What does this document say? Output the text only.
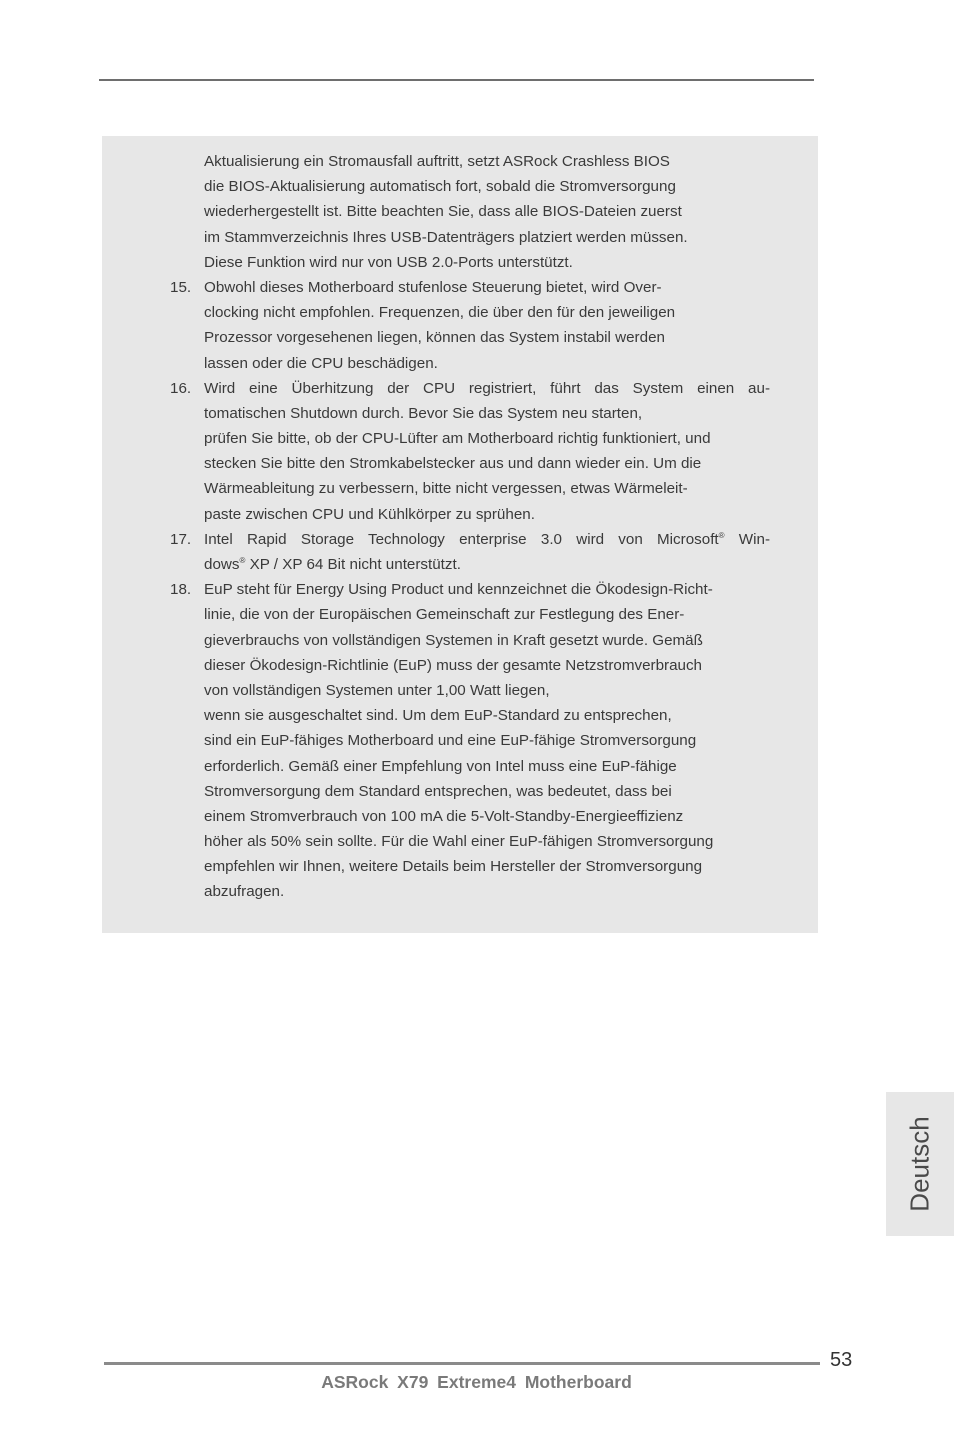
Aktualisierung ein Stromausfall auftritt, setzt ASRock Crashless BIOS
die BIOS-Aktualisierung automatisch fort, sobald die Stromversorgung
wiederhergestellt ist. Bitte beachten Sie, dass alle BIOS-Dateien zuerst
im Stammverzeichnis Ihres USB-Datenträgers platziert werden müssen.
Diese Funktion wird nur von USB 2.0-Ports unterstützt.
15. Obwohl dieses Motherboard stufenlose Steuerung bietet, wird Over-
clocking nicht empfohlen. Frequenzen, die über den für den jeweiligen
Prozessor vorgesehenen liegen, können das System instabil werden
lassen oder die CPU beschädigen.
16. Wird eine Überhitzung der CPU registriert, führt das System einen au-
tomatischen Shutdown durch. Bevor Sie das System neu starten,
prüfen Sie bitte, ob der CPU-Lüfter am Motherboard richtig funktioniert, und
stecken Sie bitte den Stromkabelstecker aus und dann wieder ein. Um die
Wärmeableitung zu verbessern, bitte nicht vergessen, etwas Wärmeleit-
paste zwischen CPU und Kühlkörper zu sprühen.
17. Intel Rapid Storage Technology enterprise 3.0 wird von Microsoft® Win-
dows® XP / XP 64 Bit nicht unterstützt.
18. EuP steht für Energy Using Product und kennzeichnet die Ökodesign-Richt-
linie, die von der Europäischen Gemeinschaft zur Festlegung des Ener-
gieverbrauchs von vollständigen Systemen in Kraft gesetzt wurde. Gemäß
dieser Ökodesign-Richtlinie (EuP) muss der gesamte Netzstromverbrauch
von vollständigen Systemen unter 1,00 Watt liegen,
wenn sie ausgeschaltet sind. Um dem EuP-Standard zu entsprechen,
sind ein EuP-fähiges Motherboard und eine EuP-fähige Stromversorgung
erforderlich. Gemäß einer Empfehlung von Intel muss eine EuP-fähige
Stromversorgung dem Standard entsprechen, was bedeutet, dass bei
einem Stromverbrauch von 100 mA die 5-Volt-Standby-Energieeffizienz
höher als 50% sein sollte. Für die Wahl einer EuP-fähigen Stromversorgung
empfehlen wir Ihnen, weitere Details beim Hersteller der Stromversorgung
abzufragen.
Deutsch
53
ASRock X79 Extreme4 Motherboard
